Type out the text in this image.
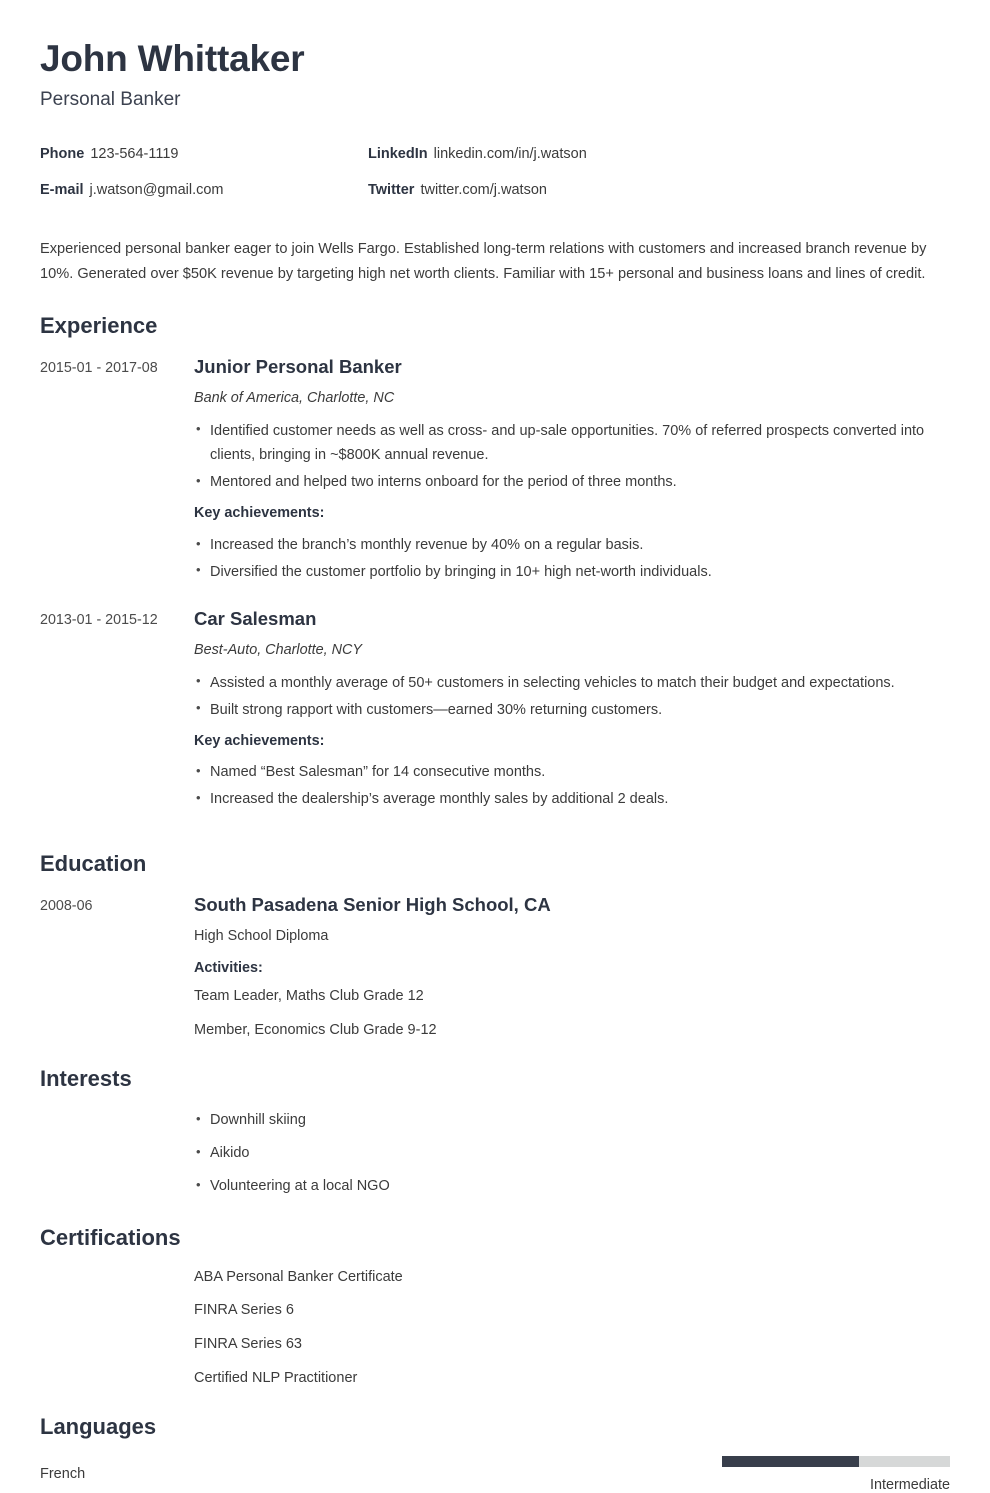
John Whittaker
Personal Banker
Phone 123-564-1119	LinkedIn linkedin.com/in/j.watson
E-mail j.watson@gmail.com	Twitter twitter.com/j.watson

Experienced personal banker eager to join Wells Fargo. Established long-term relations with customers and increased branch revenue by 10%. Generated over $50K revenue by targeting high net worth clients. Familiar with 15+ personal and business loans and lines of credit.

Experience
2015-01 - 2017-08	Junior Personal Banker
Bank of America, Charlotte, NC
• Identified customer needs as well as cross- and up-sale opportunities. 70% of referred prospects converted into clients, bringing in ~$800K annual revenue.
• Mentored and helped two interns onboard for the period of three months.
Key achievements:
• Increased the branch’s monthly revenue by 40% on a regular basis.
• Diversified the customer portfolio by bringing in 10+ high net-worth individuals.
2013-01 - 2015-12	Car Salesman
Best-Auto, Charlotte, NCY
• Assisted a monthly average of 50+ customers in selecting vehicles to match their budget and expectations.
• Built strong rapport with customers—earned 30% returning customers.
Key achievements:
• Named “Best Salesman” for 14 consecutive months.
• Increased the dealership’s average monthly sales by additional 2 deals.
Education
2008-06	South Pasadena Senior High School, CA
High School Diploma
Activities:
Team Leader, Maths Club Grade 12
Member, Economics Club Grade 9-12
Interests
• Downhill skiing
• Aikido
• Volunteering at a local NGO
Certifications
ABA Personal Banker Certificate
FINRA Series 6
FINRA Series 63
Certified NLP Practitioner
Languages
French
Intermediate
